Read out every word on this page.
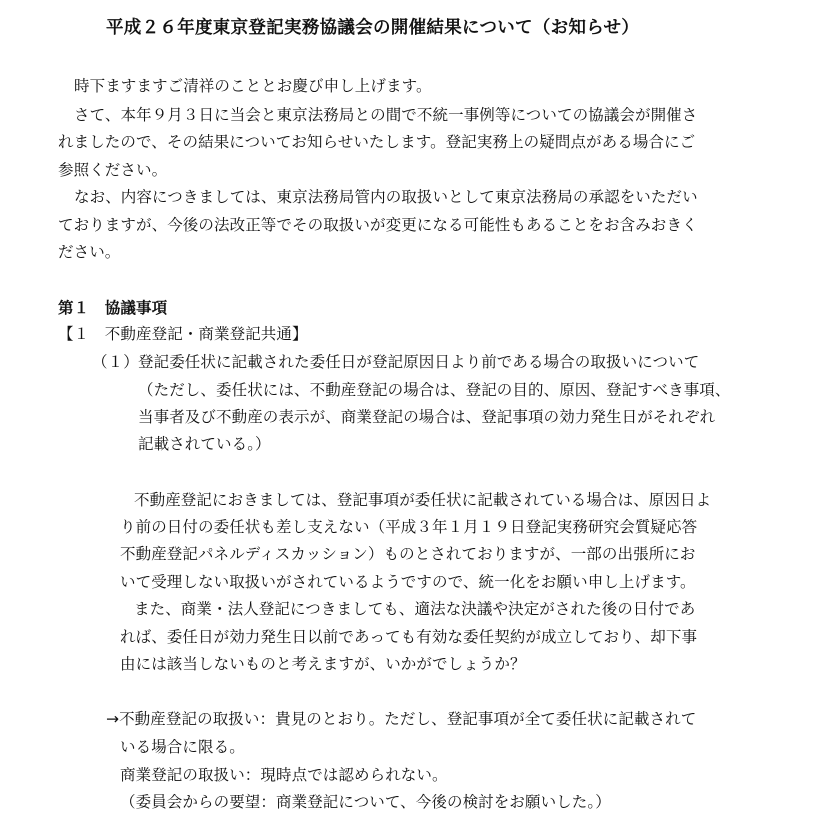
平成２６年度東京登記実務協議会の開催結果について（お知らせ）
時下ますますご清祥のこととお慶び申し上げます。
さて、本年９月３日に当会と東京法務局との間で不統一事例等についての協議会が開催さ
れましたので、その結果についてお知らせいたします。登記実務上の疑問点がある場合にご
参照ください。
なお、内容につきましては、東京法務局管内の取扱いとして東京法務局の承認をいただい
ておりますが、今後の法改正等でその取扱いが変更になる可能性もあることをお含みおきく
ださい。
第１　協議事項
【１　不動産登記・商業登記共通】
（１） 登記委任状に記載された委任日が登記原因日より前である場合の取扱いについて
（ただし、委任状には、不動産登記の場合は、登記の目的、原因、登記すべき事項、
当事者及び不動産の表示が、商業登記の場合は、登記事項の効力発生日がそれぞれ
記載されている。）
不動産登記におきましては、登記事項が委任状に記載されている場合は、原因日よ
り前の日付の委任状も差し支えない（平成３年１月１９日登記実務研究会質疑応答
不動産登記パネルディスカッション）ものとされておりますが、一部の出張所にお
いて受理しない取扱いがされているようですので、統一化をお願い申し上げます。
また、商業・法人登記につきましても、適法な決議や決定がされた後の日付であ
れば、委任日が効力発生日以前であっても有効な委任契約が成立しており、却下事
由には該当しないものと考えますが、いかがでしょうか？
→不動産登記の取扱い：貴見のとおり。ただし、登記事項が全て委任状に記載されて
いる場合に限る。
商業登記の取扱い：現時点では認められない。
（委員会からの要望：商業登記について、今後の検討をお願いした。）
